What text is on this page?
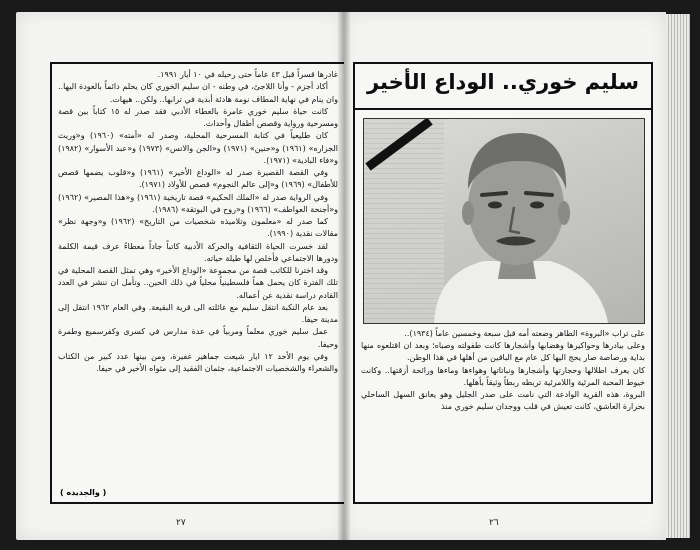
غادرها قسراً قبل ٤٣ عاماً حتى رحيله في ١٠ أيار ١٩٩١.

أكاد أجزم - وأنا اللاجئ، في وطنه - ان سليم الخوري كان يحلم دائماً بالعودة اليها.. وان ينام في نهاية المطاف نومة هادئة أبدية في ترابها.. ولكن.. هيهات.

كانت حياة سليم خوري عامرة بالعطاء الأدبي فقد صدر له ١٥ كتاباً بين قصة ومسرحية ورواية وقصص أطفال وأحداث.

كان طليعياً في كتابة المسرحية المحلية، وصدر له «أمته» (١٩٦٠) و«وريث الجزاره» (١٩٦١) و«حنين» (١٩٧١) و«الجن والانس» (١٩٧٣) و«عبد الأسوار» (١٩٨٢) و«فاء البادية» (١٩٧١).

وفي القصة القصيرة صدر له «الوداع الأخير» (١٩٦١) و«قلوب يضمها قصص للأطفال» (١٩٦٩) و«إلى عالم النجوم» قصص للأولاد (١٩٧١).

وفي الرواية صدر له «الملك الحكيم» قصة تاريخية (١٩٦١) و«هذا المصير» (١٩٦٢) و«أجنحة العواطف» (١٩٦٦) و«روح في البوتقة» (١٩٨٦).

كما صدر له «معلمون وتلاميذه شخصيات من التاريخ» (١٩٦٢) و«وجهة نظر» مقالات نقدية (١٩٩٠).

لقد خسرت الحياة الثقافية والحركة الأدبية كاتباً جاداً معطاءً عرف قيمة الكلمة ودورها الاجتماعي فأخلص لها طيلة حياته.

وقد اخترنا للكاتب قصة من مجموعة «الوداع الأخير» وهي تمثل القصة المحلية في تلك الفترة كان يحمل هماً فلسطينياً محلياً في ذلك الحين.. وتأمل ان ننشر في العدد القادم دراسة نقدية عن أعماله.

بعد عام النكبة انتقل سليم مع عائلته الى قرية البقيعة. وفي العام ١٩٦٢ انتقل إلى مدينة حيفا.

عمل سليم خوري معلماً ومربياً في عدة مدارس في كسرى وكفرسميع وطمرة وحيفا.

وفي يوم الأحد ١٢ ايار شيعت جماهير غفيرة، ومن بينها عدد كبير من الكتاب والشعراء والشخصيات الاجتماعية، جثمان الفقيد إلى مثواه الأخير في حيفا.

( والجديده )
٢٧
سليم خوري.. الوداع الأخير

على تراب «البروة» الطاهر وضعته أمه قبل سبعة وخمسين عاماً (١٩٣٤)..

وعلى بيادرها وحواكيرها وهضابها وأشجارها كانت طفولته وصباه؛ وبعد ان اقتلعوه منها بداية ورصاصة صار يحج اليها كل عام مع الباقين من أهلها في هذا الوطن.

كان يعرف اطلالها وحجارتها وأشجارها ونباتاتها وهواءها وماءها ورائحة أزقتها.. وكانت خيوط المحبة المرئية واللامرئية تربطه ربطاً وثيقاً بأهلها.

البروة، هذه القرية الوادعة التي نامت على صدر الجليل وهو يعانق السهل الساحلي بحرارة العاشق، كانت تعيش في قلب ووجدان سليم خوري منذ

٢٦
